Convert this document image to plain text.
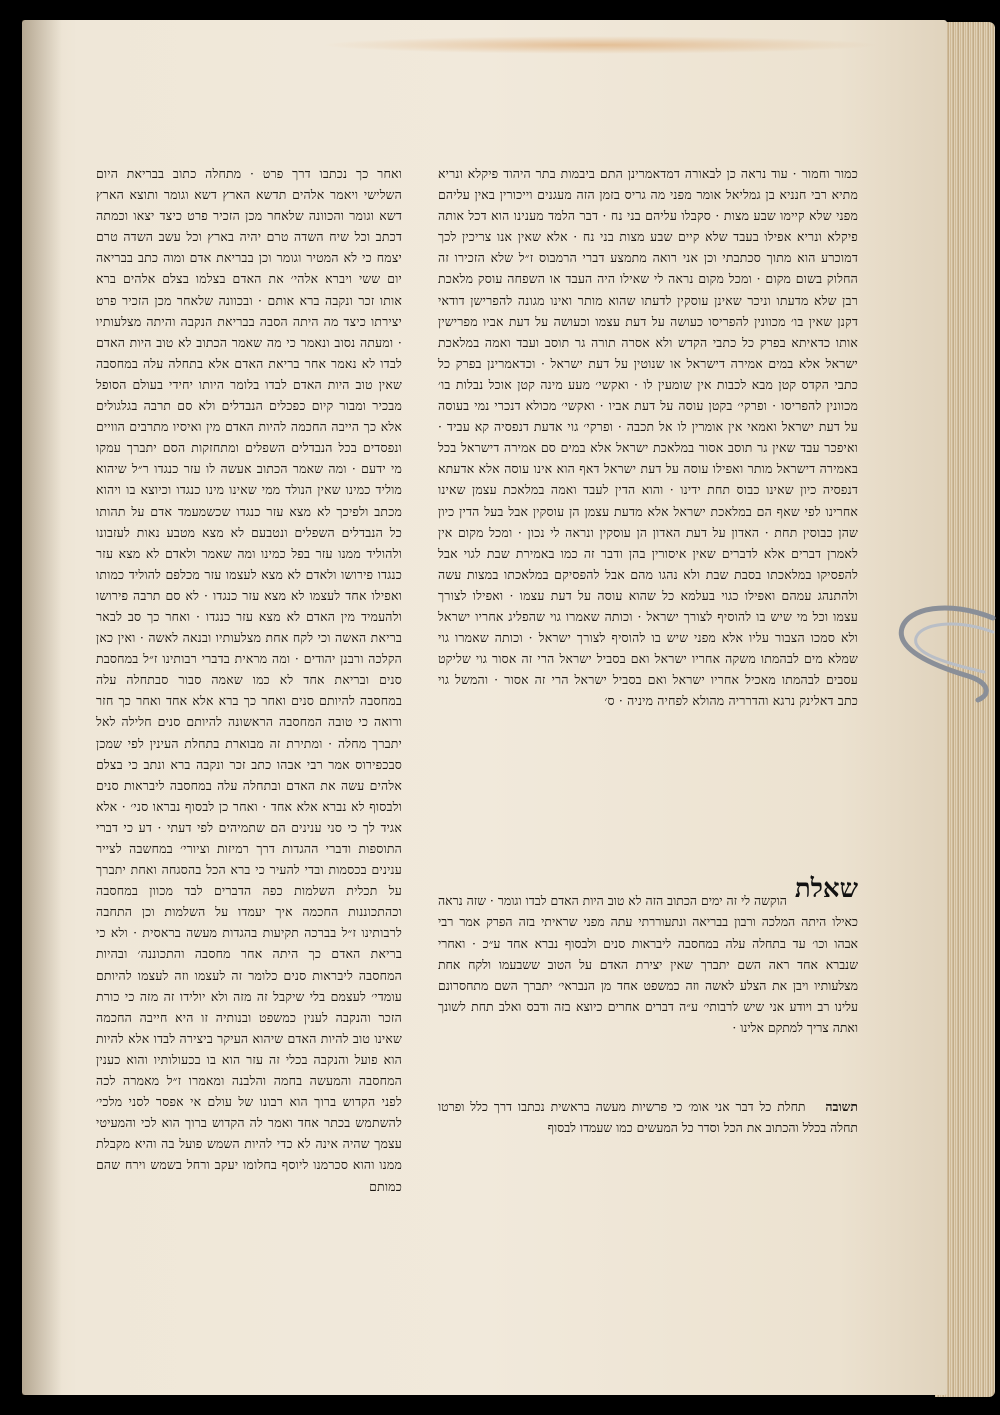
כמור וחמור · עוד נראה כן לבאורה דמדאמרינן התם ביבמות בתר היהוד פיקלא ונריא מתיא רבי חנניא בן גמליאל אומר מפני מה גריס בזמן הזה מעגנים וייכורין באין עליהם מפני שלא קיימו שבע מצות · סקבלו עליהם בני נח · דבר הלמד מענינו הוא דכל אותה פיקלא ונריא אפילו בעבד שלא קיים שבע מצות בני נח · אלא שאין אנו צריכין לכך דמוכרע הוא מתוך סכתבתי וכן אני רואה מתמצע דברי הרמבוס ז״ל שלא הזכירו זה החלוק בשום מקום · ומכל מקום נראה לי שאילו היה העבד או השפחה עוסק מלאכת רבן שלא מדעתו וניכר שאינן עוסקין לדעתו שהוא מותר ואינו מגונה להפרישן דודאי דקנן שאין בו׳ מכוונין להפריסו כעושה על דעת עצמו וכעושה על דעת אביו מפרישין אותו כדאיתא בפרק כל כתבי הקדש ולא אסרה תורה גר תוסב ועבד ואמה במלאכת ישראל אלא במים אמירה דישראל או שנוטין על דעת ישראל · וכדאמרינן בפרק כל כתבי הקדס קטן מבא לכבות אין שומעין לו · ואקשי׳ מעע מינה קטן אוכל נבלות בו׳ מכוונין להפריסו · ופרקי׳ בקטן עוסה על דעת אביו · ואקשי׳ מכולא דנכרי נמי בעוסה על דעת ישראל ואמאי אין אומרין לו אל תכבה · ופרקי׳ גוי אדעת דנפסיה קא עביד · ואיפכר עבד שאין גר תוסב אסור במלאכת ישראל אלא במים סם אמירה דישראל בכל באמירה דישראל מותר ואפילו עוסה על דעת ישראל דאף הוא אינו עוסה אלא אדעתא דנפסיה כיון שאינו כבוס תחת ידינו · והוא הדין לעבד ואמה במלאכת עצמן שאינו אחרינו לפי שאף הם במלאכת ישראל אלא מדעת עצמן הן עוסקין אבל בעל הדין כיון שהן כבוסין תחת · האדון על דעת האדון הן עוסקין ונראה לי נכון · ומכל מקום אין לאמרן דברים אלא לדברים שאין איסורין בהן ודבר זה כמו באמירת שבת לגוי אבל להפסיקו במלאכתו בסבת שבת ולא נהגו מהם אבל להפסיקם במלאכתו במצות עשה ולהתנהג עמהם ואפילו כגוי בעלמא כל שהוא עוסה על דעת עצמו · ואפילו לצורך עצמו וכל מי שיש בו להוסיף לצורך ישראל · וכותה שאמרו גוי שהפליג אחריו ישראל ולא סמכו הצבור עליו אלא מפני שיש בו להוסיף לצורך ישראל · וכותה שאמרו גוי שמלא מים לבהמתו משקה אחריו ישראל ואם בסביל ישראל הרי זה אסור גוי שליקט עסבים לבהמתו מאכיל אחריו ישראל ואם בסביל ישראל הרי זה אסור · והמשל גוי כתב דאלינק נרגא והדרריה מהולא לפחיה מיניה · ס׳

ואחר כך נכתבו דרך פרט · מתחלה כתוב בבריאת היום השלישי ויאמר אלהים תדשא הארץ דשא וגומר ותוצא הארץ דשא וגומר והכוונה שלאחר מכן הזכיר פרט כיצד יצאו וכמתה דכתב וכל שיח השדה טרם יהיה בארץ וכל עשב השדה טרם יצמח כי לא המטיר וגומר וכן בבריאת אדם ומוה כתב בבריאה יום ששי ויברא אלהי׳ את האדם בצלמו בצלם אלהים ברא אותו זכר ונקבה ברא אותם · ובכוונה שלאחר מכן הזכיר פרט יצירתו כיצד מה היתה הסבה בבריאת הנקבה והיתה מצלעותיו · ומעתה נסוב ונאמר כי מה שאמר הכתוב לא טוב היות האדם לבדו לא נאמר אחר בריאת האדם אלא בתחלה עלה במחסבה שאין טוב היות האדם לבדו בלומר היותו יחידי בעולם הסופל מבכיר ומבור קיום כפכלים הנבדלים ולא סם תרבה בגלגולים אלא כך הייבה החכמה להיות האדם מין ואיסיו מתרבים הוויים ונפסדים בכל הנבדלים השפלים ומתחזקות הסם יתברך עמקו מי ידעם · ומה שאמר הכתוב אעשה לו עזר כנגדו ר״ל שיהוא מוליד כמינו שאין הנולד ממי שאינו מינו כנגדו וכיוצא בו ויהוא מכתב ולפיכך לא מצא עזר כנגדו שכשמעמד אדם על תהותו כל הנבדלים השפלים ונטבעם לא מצא מטבע נאות לעזבונו ולהוליד ממנו עזר בפל כמינו ומה שאמר ולאדם לא מצא עזר כנגדו פירושו ולאדם לא מצא לעצמו עזר מכלפם להוליד כמותו ואפילו אחד לעצמו לא מצא עזר כנגדו · לא סם תרבה פירושו ולהעמיד מין האדם לא מצא עזר כנגדו · ואחר כך סב לבאר בריאת האשה וכי לקח אחת מצלעותיו ובנאה לאשה · ואין כאן הקלכה ורבנן יהודים · ומה מראית בדברי רבותינו ז״ל במחסבת סנים ובריאת אחד לא כמו שאמה סבור סבתחלה עלה במחסבה להיותם סנים ואחר כך ברא אלא אחד ואחר כך חזר ורואה כי טובה המחסבה הראשונה להיותם סנים חלילה לאל יתברך מחלה · ומתירת זה מבוארת בתחלת העינין לפי שמכן סבכפירוס אמר רבי אבהו כתב זכר ונקבה ברא ונתב כי בצלם אלהים עשה את האדם ובתחלה עלה במחסבה ליבראות סנים ולבסוף לא נברא אלא אחד · ואחר כן לבסוף נבראו סני׳ · אלא אגיד לך כי סני ענינים הם שתמיהים לפי דעתי · דע כי דברי התוספות ודברי ההגדות דרך רמיזות וציורי׳ במחשבה לצייר ענינים בכסמות ובדי להעיר כי ברא הכל בהסגחה ואחת יתברך על תכלית השלמות כפה הדברים לבד מכוון במחסבה וכהתכוננות החכמה איך יעמדו על השלמות וכן התחבה לרבותינו ז״ל בברכה תקיעות בהגדות מעשה בראסית · ולא כי בריאת האדם כך היתה אחר מחסבה והתכוננה׳ ובהיות המחסבה ליבראות סנים כלומר זה לעצמו וזה לעצמו להיותם עומדי׳ לעצמם בלי שיקבל זה מזה ולא יולידו זה מזה כי כורת הזכר והנקבה לענין כמשפט ובנותיה זו היא חייבה החכמה שאינו טוב להיות האדם שיהוא העיקר ביצירה לבדו אלא להיות הוא פועל והנקבה בכלי זה עזר הוא בו בכעולותיו והוא כענין המחסבה והמעשה בחמה והלבנה ומאמרו ז״ל מאמרה לכה לפני הקדוש ברוך הוא רבונו של עולם אי אפסר לסני מלכי׳ להשתמש בכתר אחד ואמר לה הקדוש ברוך הוא לכי והמעיטי עצמך שהיה אינה לא כדי להיות השמש פועל בה והיא מקבלת ממנו והוא סכרמנו ליוסף בחלומו יעקב ורחל בשמש וירח שהם כמותם

שאלת

הוקשה לי זה ימים הכתוב הזה לא טוב היות האדם לבדו וגומר · שזה נראה כאילו היתה המלכה ורבון בבריאה ונתעוררתי עתה מפני שראיתי בזה הפרק אמר רבי אבהו וכו׳ עד בתחלה עלה במחסבה ליבראות סנים ולבסוף נברא אחד ע״כ · ואחרי שנברא אחד ראה השם יתברך שאין יצירת האדם על הטוב ששבעמו ולקח אחת מצלעותיו ויבן את הצלע לאשה וזה כמשפט אחד מן הנבראי׳ יתברך השם מתחסרונם עלינו רב ויודע אני שיש לרבותי׳ ע״ה דברים אחרים כיוצא בזה ודבס ואלב תחת לשונך ואתה צריך למתקם אלינו ·

תשובה תחלת כל דבר אני אומ׳ כי פרשיות מעשה בראשית נכתבו דרך כלל ופרטו תחלה בכלל והכתוב את הכל וסדר כל המעשים כמו שעמדו לבסוף
